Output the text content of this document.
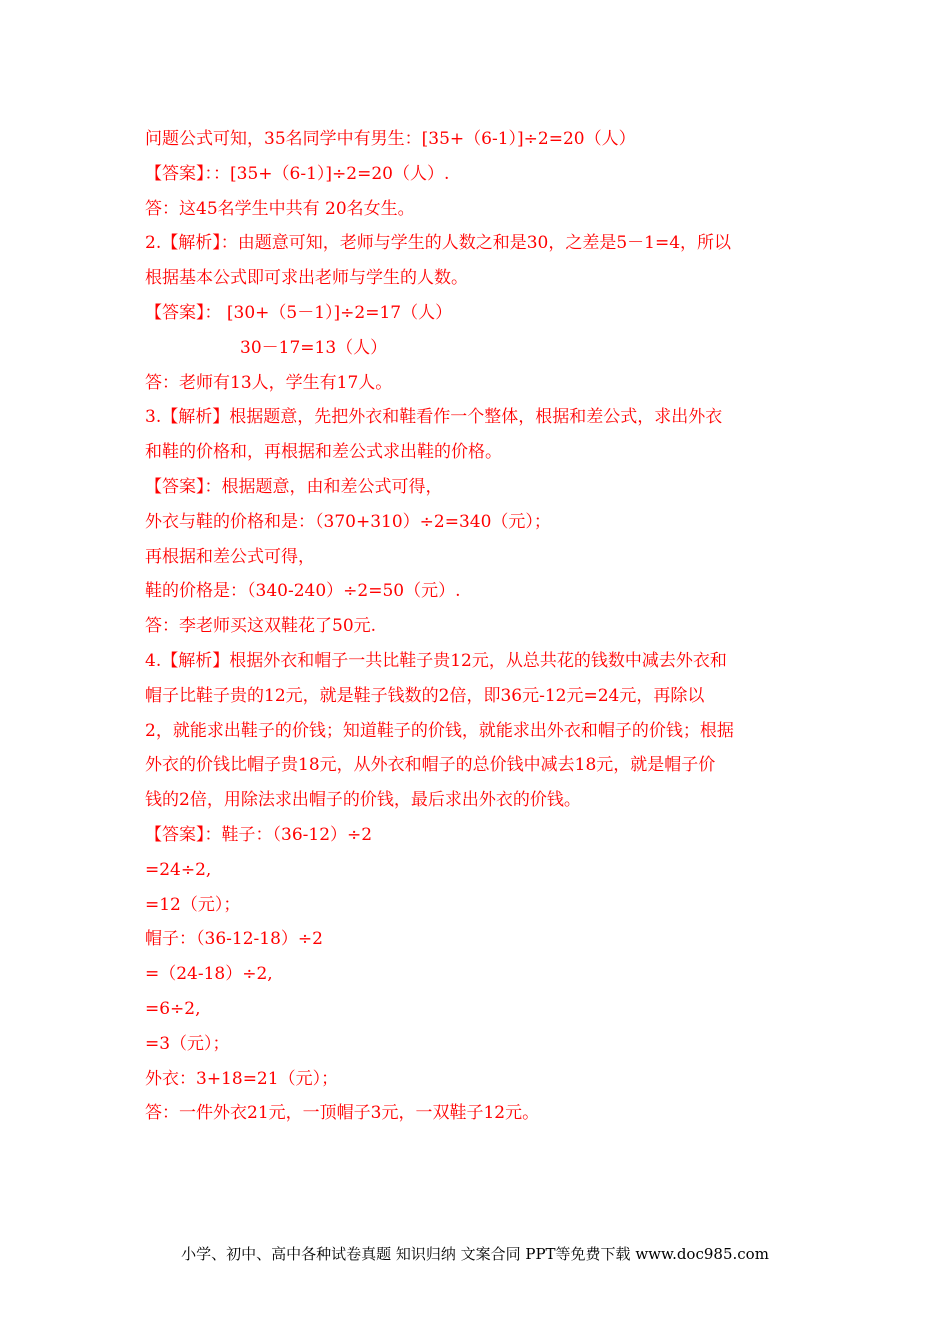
问题公式可知，35名同学中有男生：[35+（6-1）]÷2=20（人）
【答案】：：[35+（6-1）]÷2=20（人）.
答：这45名学生中共有 20名女生。
2.【解析】：由题意可知，老师与学生的人数之和是30，之差是5－1=4，所以
根据基本公式即可求出老师与学生的人数。
【答案】： [30+（5－1）]÷2=17（人）
30－17=13（人）
答：老师有13人，学生有17人。
3.【解析】根据题意，先把外衣和鞋看作一个整体，根据和差公式，求出外衣
和鞋的价格和，再根据和差公式求出鞋的价格。
【答案】：根据题意，由和差公式可得，
外衣与鞋的价格和是：（370+310）÷2=340（元）；
再根据和差公式可得，
鞋的价格是：（340-240）÷2=50（元）.
答：李老师买这双鞋花了50元.
4.【解析】根据外衣和帽子一共比鞋子贵12元，从总共花的钱数中减去外衣和
帽子比鞋子贵的12元，就是鞋子钱数的2倍，即36元-12元=24元，再除以
2，就能求出鞋子的价钱；知道鞋子的价钱，就能求出外衣和帽子的价钱；根据
外衣的价钱比帽子贵18元，从外衣和帽子的总价钱中减去18元，就是帽子价
钱的2倍，用除法求出帽子的价钱，最后求出外衣的价钱。
【答案】：鞋子：（36-12）÷2
=24÷2,
=12（元）；
帽子：（36-12-18）÷2
=（24-18）÷2,
=6÷2,
=3（元）；
外衣：3+18=21（元）；
答：一件外衣21元，一顶帽子3元，一双鞋子12元。
小学、初中、高中各种试卷真题 知识归纳 文案合同 PPT等免费下载 www.doc985.com
